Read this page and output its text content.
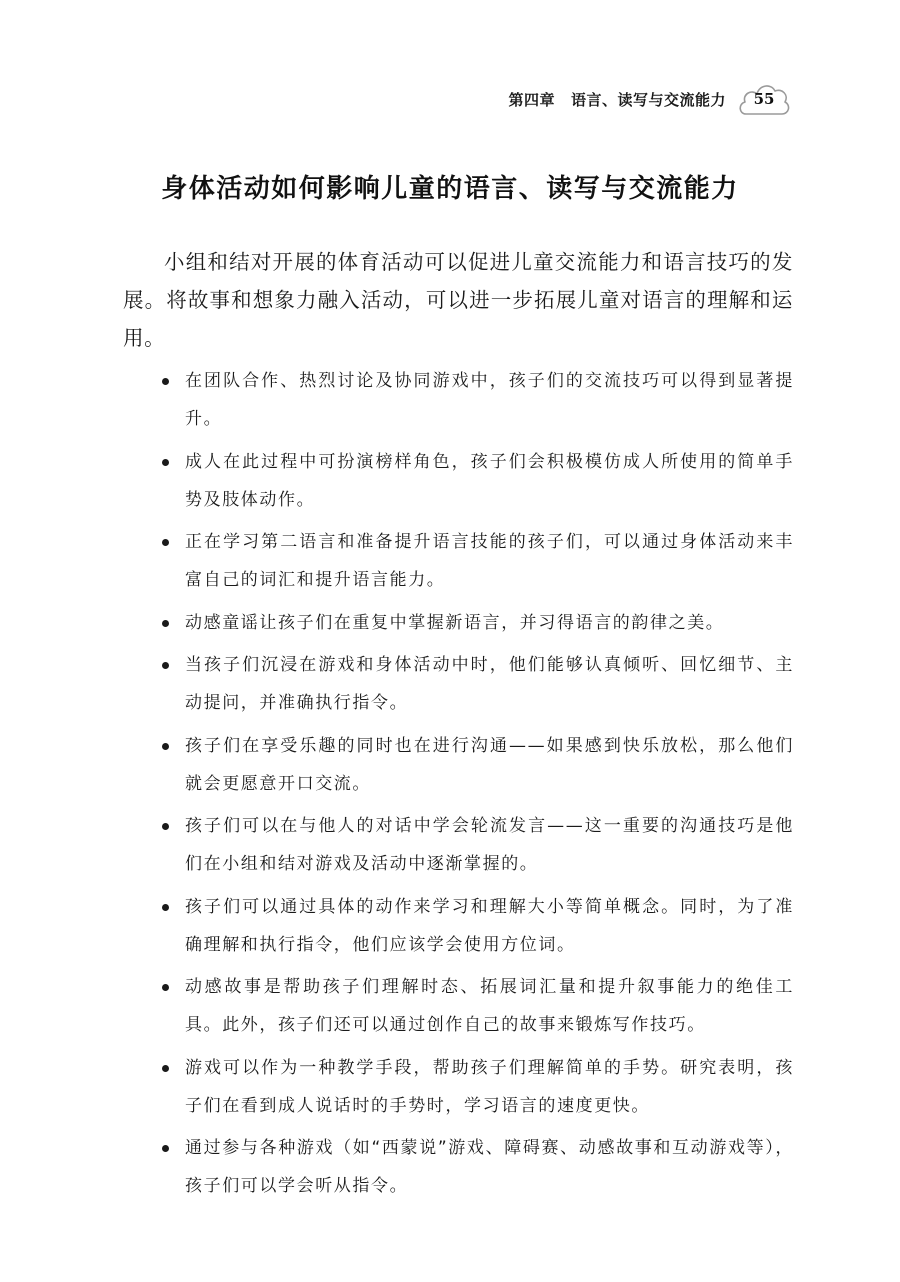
第四章 语言、读写与交流能力	55
身体活动如何影响儿童的语言、读写与交流能力

小组和结对开展的体育活动可以促进儿童交流能力和语言技巧的发展。将故事和想象力融入活动，可以进一步拓展儿童对语言的理解和运用。

在团队合作、热烈讨论及协同游戏中，孩子们的交流技巧可以得到显著提升。
成人在此过程中可扮演榜样角色，孩子们会积极模仿成人所使用的简单手势及肢体动作。
正在学习第二语言和准备提升语言技能的孩子们，可以通过身体活动来丰富自己的词汇和提升语言能力。
动感童谣让孩子们在重复中掌握新语言，并习得语言的韵律之美。
当孩子们沉浸在游戏和身体活动中时，他们能够认真倾听、回忆细节、主动提问，并准确执行指令。
孩子们在享受乐趣的同时也在进行沟通——如果感到快乐放松，那么他们就会更愿意开口交流。
孩子们可以在与他人的对话中学会轮流发言——这一重要的沟通技巧是他们在小组和结对游戏及活动中逐渐掌握的。
孩子们可以通过具体的动作来学习和理解大小等简单概念。同时，为了准确理解和执行指令，他们应该学会使用方位词。
动感故事是帮助孩子们理解时态、拓展词汇量和提升叙事能力的绝佳工具。此外，孩子们还可以通过创作自己的故事来锻炼写作技巧。
游戏可以作为一种教学手段，帮助孩子们理解简单的手势。研究表明，孩子们在看到成人说话时的手势时，学习语言的速度更快。
通过参与各种游戏（如“西蒙说”游戏、障碍赛、动感故事和互动游戏等），孩子们可以学会听从指令。
